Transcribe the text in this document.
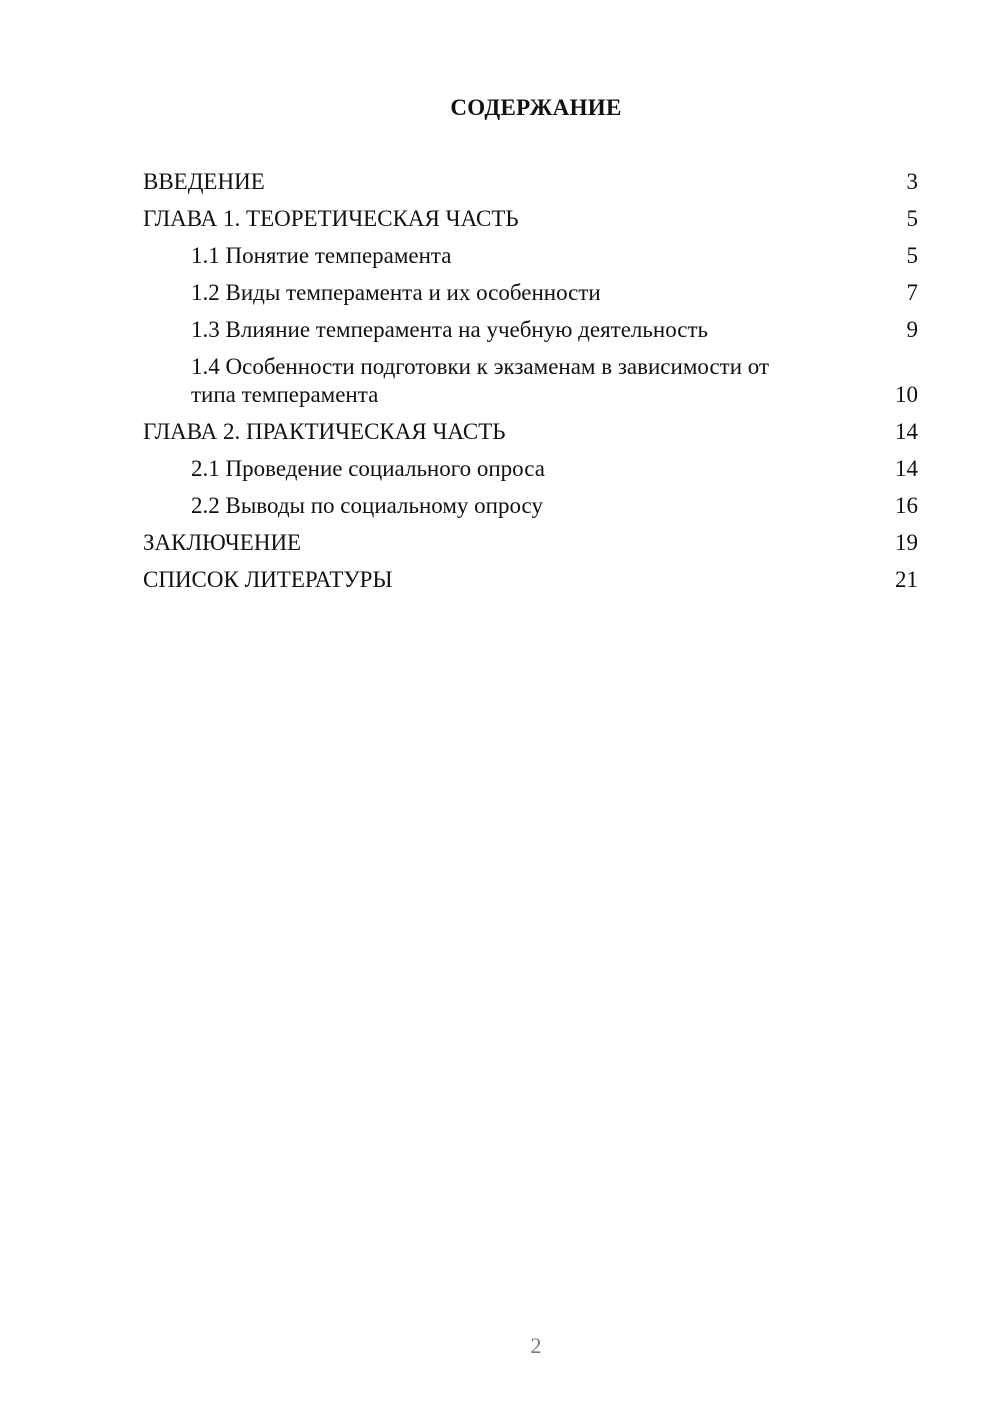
СОДЕРЖАНИЕ
ВВЕДЕНИЕ	3
ГЛАВА 1. ТЕОРЕТИЧЕСКАЯ ЧАСТЬ	5
1.1 Понятие темперамента	5
1.2 Виды темперамента и их особенности	7
1.3 Влияние темперамента на учебную деятельность	9
1.4 Особенности подготовки к экзаменам в зависимости от
типа темперамента	10
ГЛАВА 2. ПРАКТИЧЕСКАЯ ЧАСТЬ	14
2.1 Проведение социального опроса	14
2.2 Выводы по социальному опросу	16
ЗАКЛЮЧЕНИЕ	19
СПИСОК ЛИТЕРАТУРЫ	21
2
